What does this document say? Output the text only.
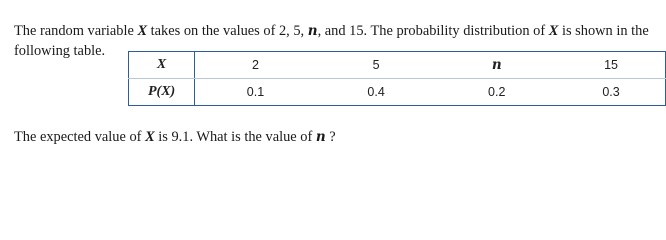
The random variable X takes on the values of 2, 5, n, and 15. The probability distribution of X is shown in the following table.

X	2	5	n	15
P(X)	0.1	0.4	0.2	0.3

The expected value of X is 9.1. What is the value of n ?
